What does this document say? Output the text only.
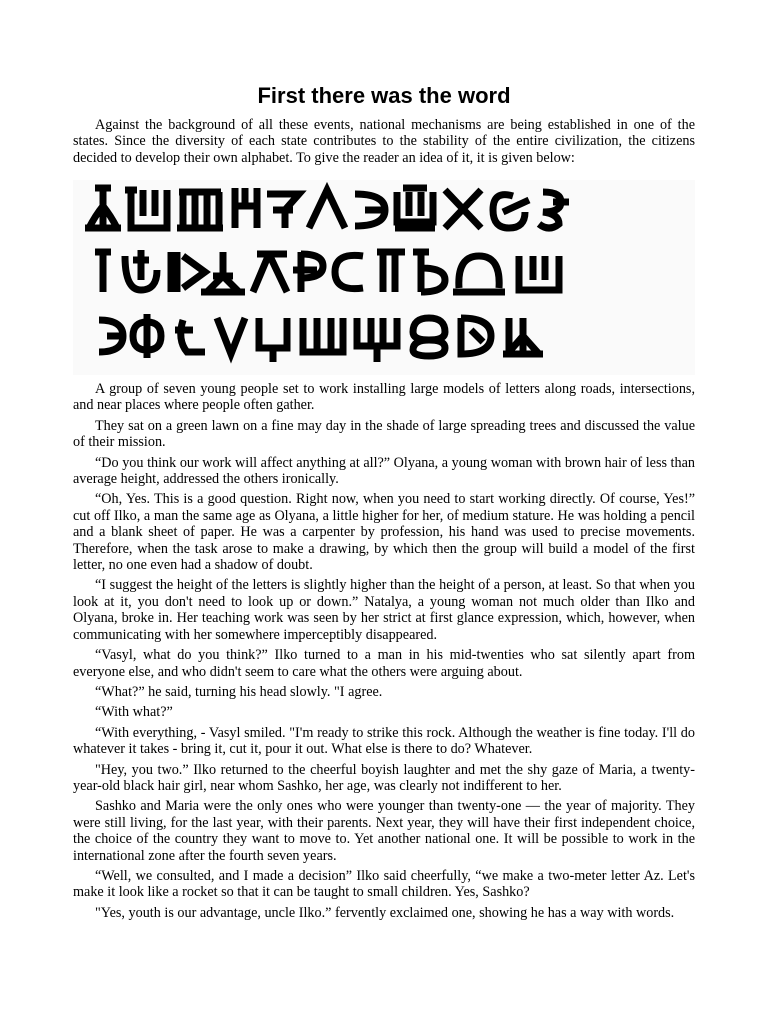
First there was the word

Against the background of all these events, national mechanisms are being established in one of the states. Since the diversity of each state contributes to the stability of the entire civilization, the citizens decided to develop their own alphabet. To give the reader an idea of it, it is given below:

A group of seven young people set to work installing large models of letters along roads, intersections, and near places where people often gather.

They sat on a green lawn on a fine may day in the shade of large spreading trees and discussed the value of their mission.

“Do you think our work will affect anything at all?” Olyana, a young woman with brown hair of less than average height, addressed the others ironically.

“Oh, Yes. This is a good question. Right now, when you need to start working directly. Of course, Yes!” cut off Ilko, a man the same age as Olyana, a little higher for her, of medium stature. He was holding a pencil and a blank sheet of paper. He was a carpenter by profession, his hand was used to precise movements. Therefore, when the task arose to make a drawing, by which then the group will build a model of the first letter, no one even had a shadow of doubt.

“I suggest the height of the letters is slightly higher than the height of a person, at least. So that when you look at it, you don't need to look up or down.” Natalya, a young woman not much older than Ilko and Olyana, broke in. Her teaching work was seen by her strict at first glance expression, which, however, when communicating with her somewhere imperceptibly disappeared.

“Vasyl, what do you think?” Ilko turned to a man in his mid-twenties who sat silently apart from everyone else, and who didn't seem to care what the others were arguing about.

“What?” he said, turning his head slowly. "I agree.

“With what?”

“With everything, - Vasyl smiled. "I'm ready to strike this rock. Although the weather is fine today. I'll do whatever it takes - bring it, cut it, pour it out. What else is there to do? Whatever.

"Hey, you two.” Ilko returned to the cheerful boyish laughter and met the shy gaze of Maria, a twenty-year-old black hair girl, near whom Sashko, her age, was clearly not indifferent to her.

Sashko and Maria were the only ones who were younger than twenty-one — the year of majority. They were still living, for the last year, with their parents. Next year, they will have their first independent choice, the choice of the country they want to move to. Yet another national one. It will be possible to work in the international zone after the fourth seven years.

“Well, we consulted, and I made a decision” Ilko said cheerfully, “we make a two-meter letter Az. Let's make it look like a rocket so that it can be taught to small children. Yes, Sashko?

"Yes, youth is our advantage, uncle Ilko.” fervently exclaimed one, showing he has a way with words.
